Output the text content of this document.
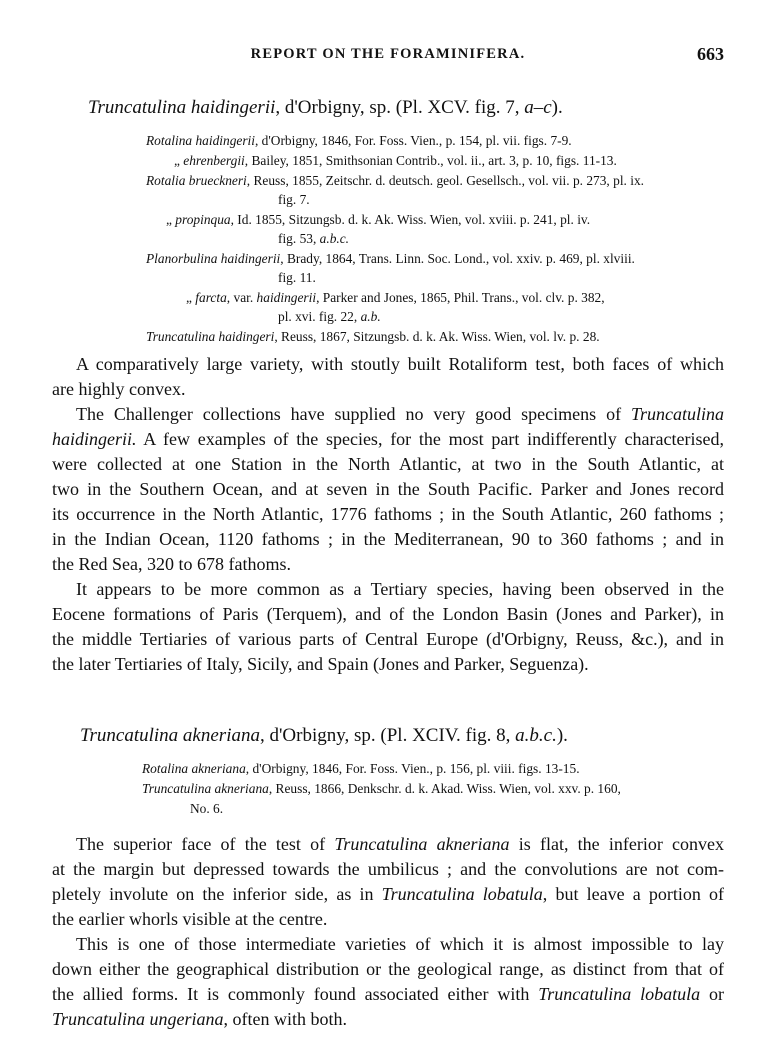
REPORT ON THE FORAMINIFERA.	663
Truncatulina haidingerii, d'Orbigny, sp. (Pl. XCV. fig. 7, a–c).
Rotalina haidingerii, d'Orbigny, 1846, For. Foss. Vien., p. 154, pl. vii. figs. 7-9.
„ ehrenbergii, Bailey, 1851, Smithsonian Contrib., vol. ii., art. 3, p. 10, figs. 11-13.
Rotalia brueckneri, Reuss, 1855, Zeitschr. d. deutsch. geol. Gesellsch., vol. vii. p. 273, pl. ix.
fig. 7.
„ propinqua, Id. 1855, Sitzungsb. d. k. Ak. Wiss. Wien, vol. xviii. p. 241, pl. iv.
fig. 53, a.b.c.
Planorbulina haidingerii, Brady, 1864, Trans. Linn. Soc. Lond., vol. xxiv. p. 469, pl. xlviii.
fig. 11.
„ farcta, var. haidingerii, Parker and Jones, 1865, Phil. Trans., vol. clv. p. 382,
pl. xvi. fig. 22, a.b.
Truncatulina haidingeri, Reuss, 1867, Sitzungsb. d. k. Ak. Wiss. Wien, vol. lv. p. 28.
A comparatively large variety, with stoutly built Rotaliform test, both faces of which
are highly convex.
The Challenger collections have supplied no very good specimens of Truncatulina
haidingerii. A few examples of the species, for the most part indifferently characterised,
were collected at one Station in the North Atlantic, at two in the South Atlantic, at
two in the Southern Ocean, and at seven in the South Pacific. Parker and Jones record
its occurrence in the North Atlantic, 1776 fathoms ; in the South Atlantic, 260 fathoms ;
in the Indian Ocean, 1120 fathoms ; in the Mediterranean, 90 to 360 fathoms ; and in
the Red Sea, 320 to 678 fathoms.
It appears to be more common as a Tertiary species, having been observed in the
Eocene formations of Paris (Terquem), and of the London Basin (Jones and Parker), in
the middle Tertiaries of various parts of Central Europe (d'Orbigny, Reuss, &c.), and in
the later Tertiaries of Italy, Sicily, and Spain (Jones and Parker, Seguenza).
Truncatulina akneriana, d'Orbigny, sp. (Pl. XCIV. fig. 8, a.b.c.).
Rotalina akneriana, d'Orbigny, 1846, For. Foss. Vien., p. 156, pl. viii. figs. 13-15.
Truncatulina akneriana, Reuss, 1866, Denkschr. d. k. Akad. Wiss. Wien, vol. xxv. p. 160,
No. 6.
The superior face of the test of Truncatulina akneriana is flat, the inferior convex
at the margin but depressed towards the umbilicus ; and the convolutions are not com-
pletely involute on the inferior side, as in Truncatulina lobatula, but leave a portion of
the earlier whorls visible at the centre.
This is one of those intermediate varieties of which it is almost impossible to lay
down either the geographical distribution or the geological range, as distinct from that of
the allied forms. It is commonly found associated either with Truncatulina lobatula or
Truncatulina ungeriana, often with both.
